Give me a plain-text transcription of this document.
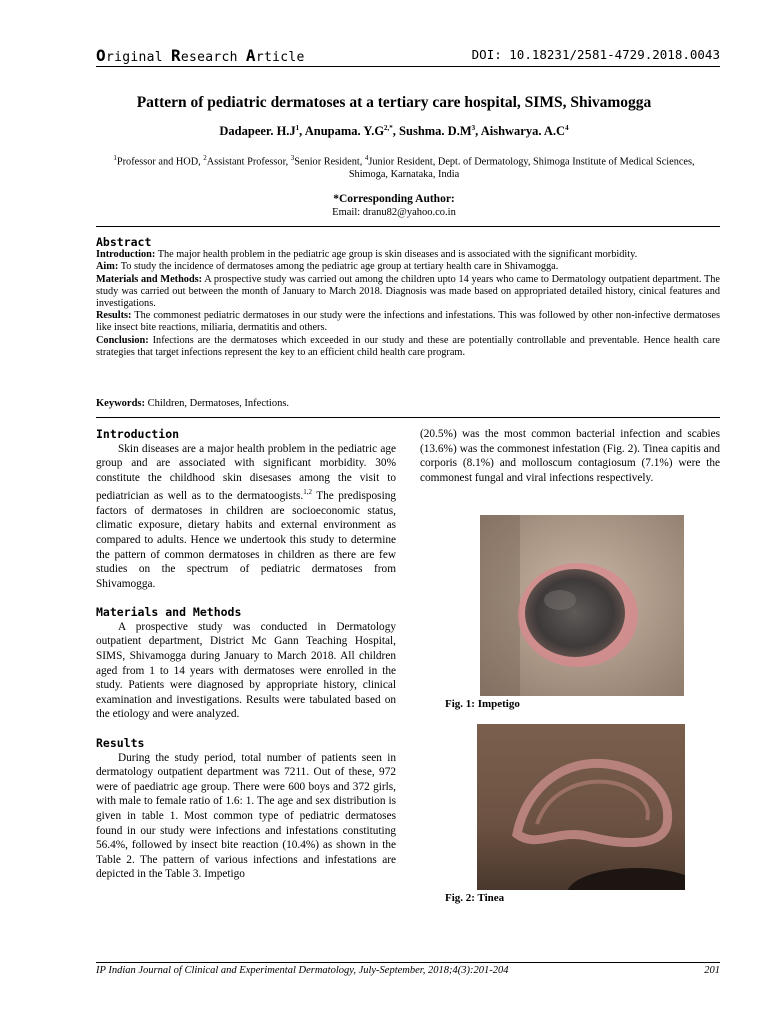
Original Research Article	DOI: 10.18231/2581-4729.2018.0043
Pattern of pediatric dermatoses at a tertiary care hospital, SIMS, Shivamogga
Dadapeer. $H.J^1$, Anupama. $Y.G^{2,*}$, Sushma. $D.M^3$, Aishwarya. $A.C^4$
$^1$Professor and HOD, $^2$Assistant Professor, $^3$Senior Resident, $^4$Junior Resident, Dept. of Dermatology, Shimoga Institute of Medical Sciences, Shimoga, Karnataka, India
*Corresponding Author:
Email: dranu82@yahoo.co.in
Abstract

Introduction: The major health problem in the pediatric age group is skin diseases and is associated with the significant morbidity.

Aim: To study the incidence of dermatoses among the pediatric age group at tertiary health care in Shivamogga.

Materials and Methods: A prospective study was carried out among the children upto 14 years who came to Dermatology outpatient department. The study was carried out between the month of January to March 2018. Diagnosis was made based on appropriated detailed history, cinical features and investigations.

Results: The commonest pediatric dermatoses in our study were the infections and infestations. This was followed by other non-infective dermatoses like insect bite reactions, miliaria, dermatitis and others.

Conclusion: Infections are the dermatoses which exceeded in our study and these are potentially controllable and preventable. Hence health care strategies that target infections represent the key to an efficient child health care program.

Keywords: Children, Dermatoses, Infections.
Introduction

Skin diseases are a major health problem in the pediatric age group and are associated with significant morbidity. 30% constitute the childhood skin disesases among the visit to pediatrician as well as to the dermatoogists.$^{1,2}$ The predisposing factors of dermatoses in children are socioeconomic status, climatic exposure, dietary habits and external environment as compared to adults. Hence we undertook this study to determine the pattern of common dermatoses in children as there are few studies on the spectrum of pediatric dermatoses from Shivamogga.

Materials and Methods

A prospective study was conducted in Dermatology outpatient department, District Mc Gann Teaching Hospital, SIMS, Shivamogga during January to March 2018. All children aged from 1 to 14 years with dermatoses were enrolled in the study. Patients were diagnosed by appropriate history, clinical examination and investigations. Results were tabulated based on the etiology and were analyzed.

Results

During the study period, total number of patients seen in dermatology outpatient department was 7211. Out of these, 972 were of paediatric age group. There were 600 boys and 372 girls, with male to female ratio of 1.6: 1. The age and sex distribution is given in table 1. Most common type of pediatric dermatoses found in our study were infections and infestations constituting 56.4%, followed by insect bite reaction (10.4%) as shown in the Table 2. The pattern of various infections and infestations are depicted in the Table 3. Impetigo

(20.5%) was the most common bacterial infection and scabies (13.6%) was the commonest infestation (Fig. 2). Tinea capitis and corporis (8.1%) and molloscum contagiosum (7.1%) were the commonest fungal and viral infections respectively.

Fig. 1: Impetigo
Fig. 2: Tinea
IP Indian Journal of Clinical and Experimental Dermatology, July-September, 2018;4(3):201-204	201
